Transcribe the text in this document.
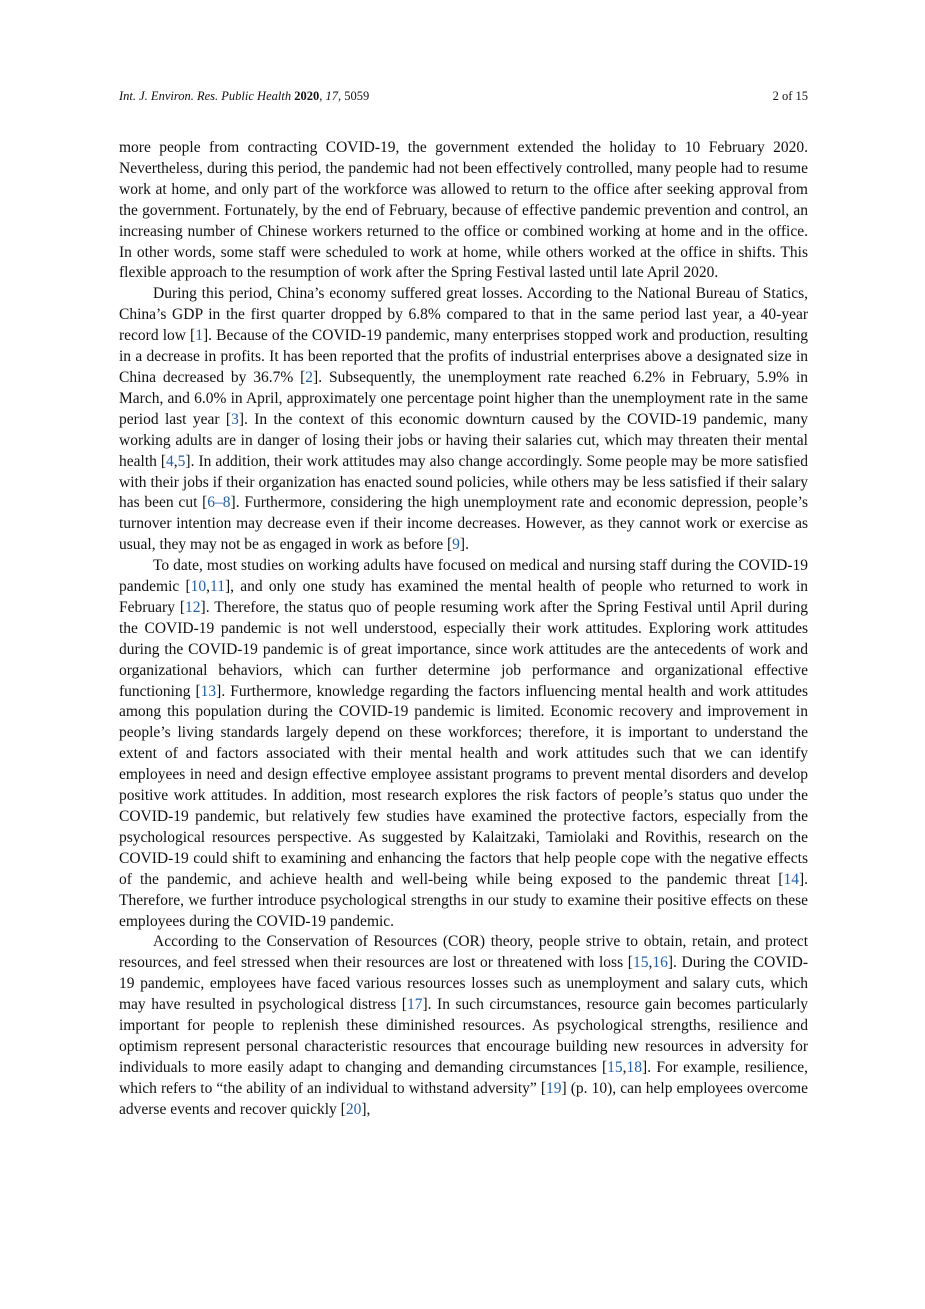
Int. J. Environ. Res. Public Health 2020, 17, 5059	2 of 15

more people from contracting COVID-19, the government extended the holiday to 10 February 2020. Nevertheless, during this period, the pandemic had not been effectively controlled, many people had to resume work at home, and only part of the workforce was allowed to return to the office after seeking approval from the government. Fortunately, by the end of February, because of effective pandemic prevention and control, an increasing number of Chinese workers returned to the office or combined working at home and in the office. In other words, some staff were scheduled to work at home, while others worked at the office in shifts. This flexible approach to the resumption of work after the Spring Festival lasted until late April 2020.

During this period, China’s economy suffered great losses. According to the National Bureau of Statics, China’s GDP in the first quarter dropped by 6.8% compared to that in the same period last year, a 40-year record low [1]. Because of the COVID-19 pandemic, many enterprises stopped work and production, resulting in a decrease in profits. It has been reported that the profits of industrial enterprises above a designated size in China decreased by 36.7% [2]. Subsequently, the unemployment rate reached 6.2% in February, 5.9% in March, and 6.0% in April, approximately one percentage point higher than the unemployment rate in the same period last year [3]. In the context of this economic downturn caused by the COVID-19 pandemic, many working adults are in danger of losing their jobs or having their salaries cut, which may threaten their mental health [4,5]. In addition, their work attitudes may also change accordingly. Some people may be more satisfied with their jobs if their organization has enacted sound policies, while others may be less satisfied if their salary has been cut [6–8]. Furthermore, considering the high unemployment rate and economic depression, people’s turnover intention may decrease even if their income decreases. However, as they cannot work or exercise as usual, they may not be as engaged in work as before [9].

To date, most studies on working adults have focused on medical and nursing staff during the COVID-19 pandemic [10,11], and only one study has examined the mental health of people who returned to work in February [12]. Therefore, the status quo of people resuming work after the Spring Festival until April during the COVID-19 pandemic is not well understood, especially their work attitudes. Exploring work attitudes during the COVID-19 pandemic is of great importance, since work attitudes are the antecedents of work and organizational behaviors, which can further determine job performance and organizational effective functioning [13]. Furthermore, knowledge regarding the factors influencing mental health and work attitudes among this population during the COVID-19 pandemic is limited. Economic recovery and improvement in people’s living standards largely depend on these workforces; therefore, it is important to understand the extent of and factors associated with their mental health and work attitudes such that we can identify employees in need and design effective employee assistant programs to prevent mental disorders and develop positive work attitudes. In addition, most research explores the risk factors of people’s status quo under the COVID-19 pandemic, but relatively few studies have examined the protective factors, especially from the psychological resources perspective. As suggested by Kalaitzaki, Tamiolaki and Rovithis, research on the COVID-19 could shift to examining and enhancing the factors that help people cope with the negative effects of the pandemic, and achieve health and well-being while being exposed to the pandemic threat [14]. Therefore, we further introduce psychological strengths in our study to examine their positive effects on these employees during the COVID-19 pandemic.

According to the Conservation of Resources (COR) theory, people strive to obtain, retain, and protect resources, and feel stressed when their resources are lost or threatened with loss [15,16]. During the COVID-19 pandemic, employees have faced various resources losses such as unemployment and salary cuts, which may have resulted in psychological distress [17]. In such circumstances, resource gain becomes particularly important for people to replenish these diminished resources. As psychological strengths, resilience and optimism represent personal characteristic resources that encourage building new resources in adversity for individuals to more easily adapt to changing and demanding circumstances [15,18]. For example, resilience, which refers to “the ability of an individual to withstand adversity” [19] (p. 10), can help employees overcome adverse events and recover quickly [20],
